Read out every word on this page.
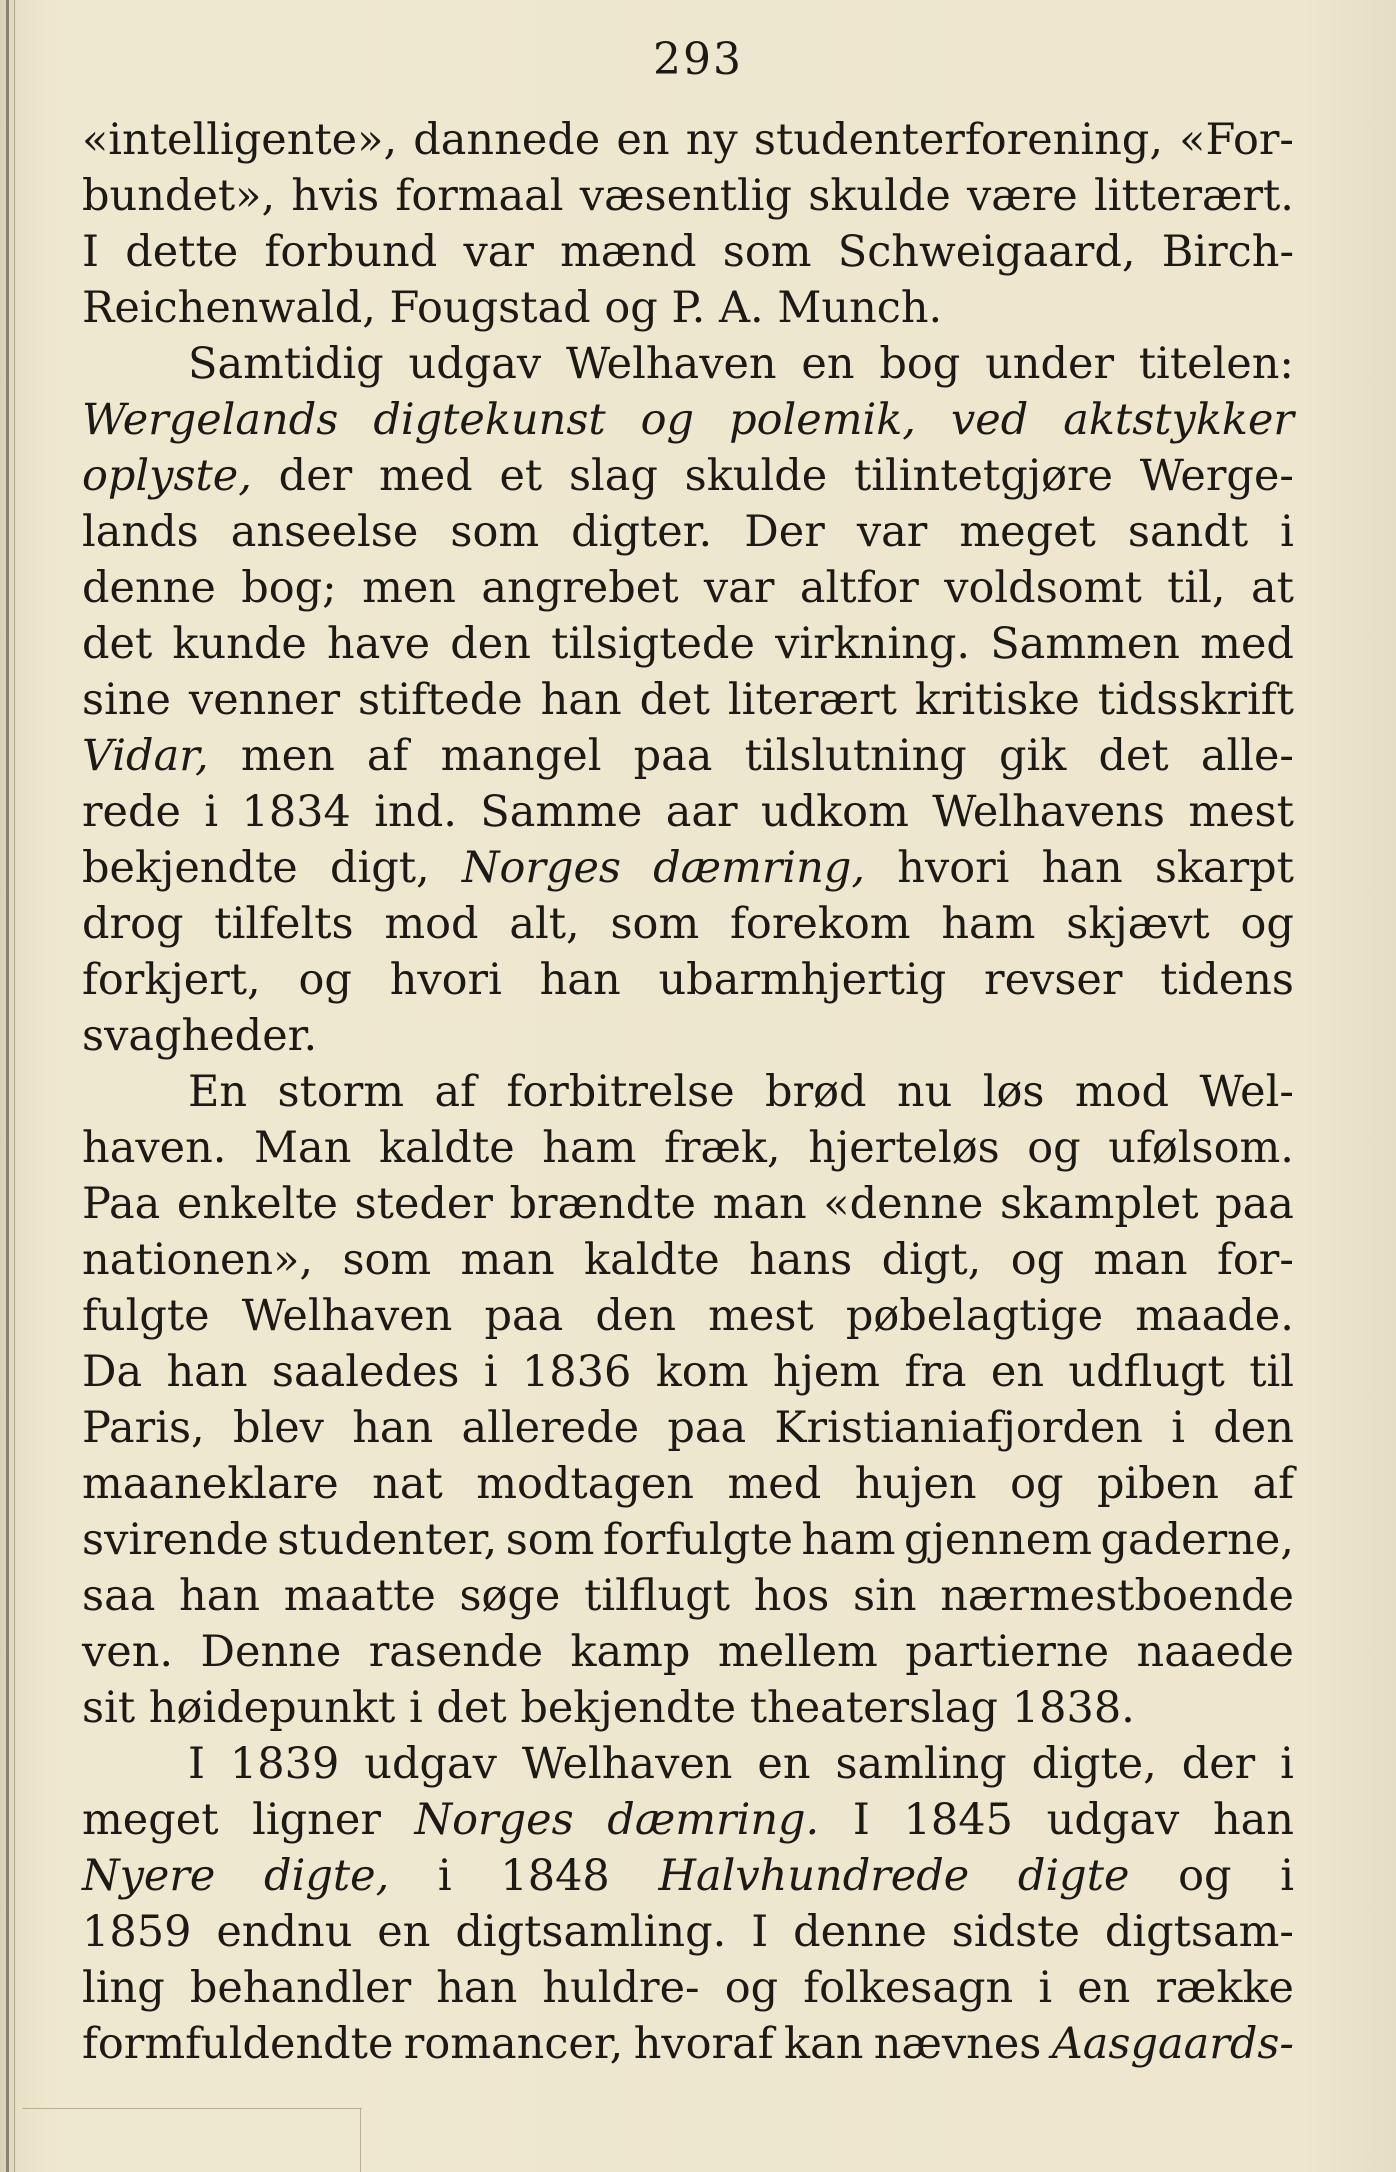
293
«intelligente», dannede en ny studenterforening, «For-
bundet», hvis formaal væsentlig skulde være litterært.
I dette forbund var mænd som Schweigaard, Birch-
Reichenwald, Fougstad og P. A. Munch.
Samtidig udgav Welhaven en bog under titelen:
Wergelands digtekunst og polemik, ved aktstykker
oplyste, der med et slag skulde tilintetgjøre Werge-
lands anseelse som digter. Der var meget sandt i
denne bog; men angrebet var altfor voldsomt til, at
det kunde have den tilsigtede virkning. Sammen med
sine venner stiftede han det literært kritiske tidsskrift
Vidar, men af mangel paa tilslutning gik det alle-
rede i 1834 ind. Samme aar udkom Welhavens mest
bekjendte digt, Norges dæmring, hvori han skarpt
drog tilfelts mod alt, som forekom ham skjævt og
forkjert, og hvori han ubarmhjertig revser tidens
svagheder.
En storm af forbitrelse brød nu løs mod Wel-
haven. Man kaldte ham fræk, hjerteløs og ufølsom.
Paa enkelte steder brændte man «denne skamplet paa
nationen», som man kaldte hans digt, og man for-
fulgte Welhaven paa den mest pøbelagtige maade.
Da han saaledes i 1836 kom hjem fra en udflugt til
Paris, blev han allerede paa Kristianiafjorden i den
maaneklare nat modtagen med hujen og piben af
svirende studenter, som forfulgte ham gjennem gaderne,
saa han maatte søge tilflugt hos sin nærmestboende
ven. Denne rasende kamp mellem partierne naaede
sit høidepunkt i det bekjendte theaterslag 1838.
I 1839 udgav Welhaven en samling digte, der i
meget ligner Norges dæmring. I 1845 udgav han
Nyere digte, i 1848 Halvhundrede digte og i
1859 endnu en digtsamling. I denne sidste digtsam-
ling behandler han huldre- og folkesagn i en række
formfuldendte romancer, hvoraf kan nævnes Aasgaards-
